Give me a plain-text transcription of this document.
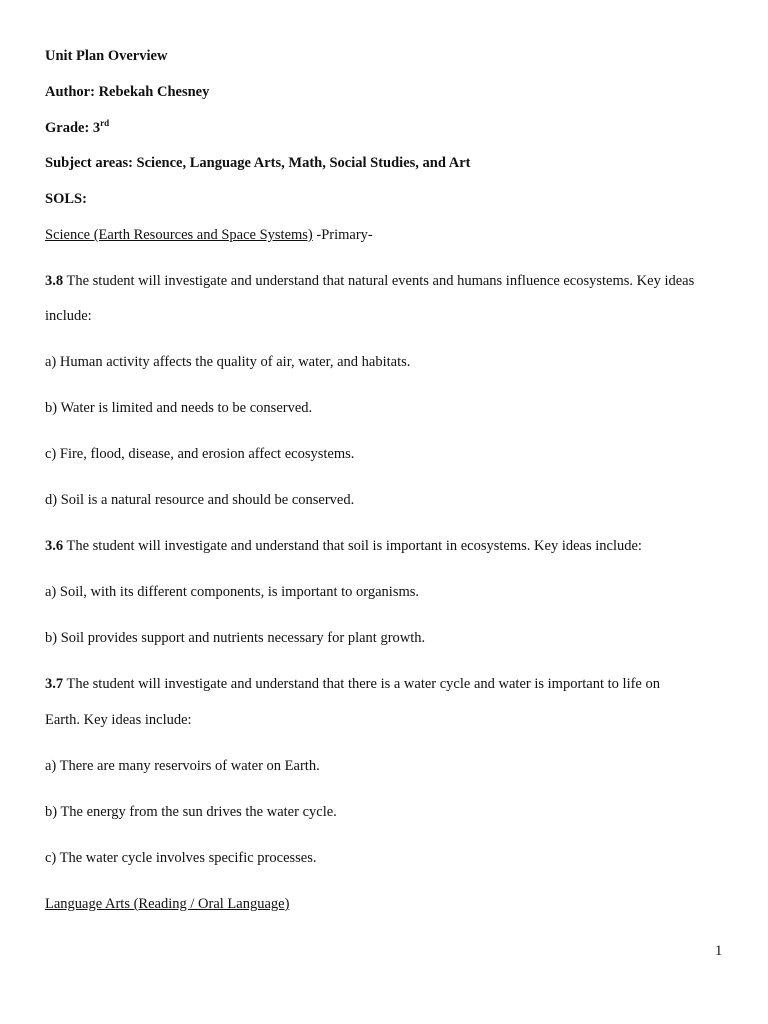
Unit Plan Overview
Author: Rebekah Chesney
Grade: 3rd
Subject areas: Science, Language Arts, Math, Social Studies, and Art
SOLS:
Science (Earth Resources and Space Systems) -Primary-
3.8 The student will investigate and understand that natural events and humans influence ecosystems. Key ideas
include:
a) Human activity affects the quality of air, water, and habitats.
b) Water is limited and needs to be conserved.
c) Fire, flood, disease, and erosion affect ecosystems.
d) Soil is a natural resource and should be conserved.
3.6 The student will investigate and understand that soil is important in ecosystems. Key ideas include:
a) Soil, with its different components, is important to organisms.
b) Soil provides support and nutrients necessary for plant growth.
3.7 The student will investigate and understand that there is a water cycle and water is important to life on
Earth. Key ideas include:
a) There are many reservoirs of water on Earth.
b) The energy from the sun drives the water cycle.
c) The water cycle involves specific processes.
Language Arts (Reading / Oral Language)
1
